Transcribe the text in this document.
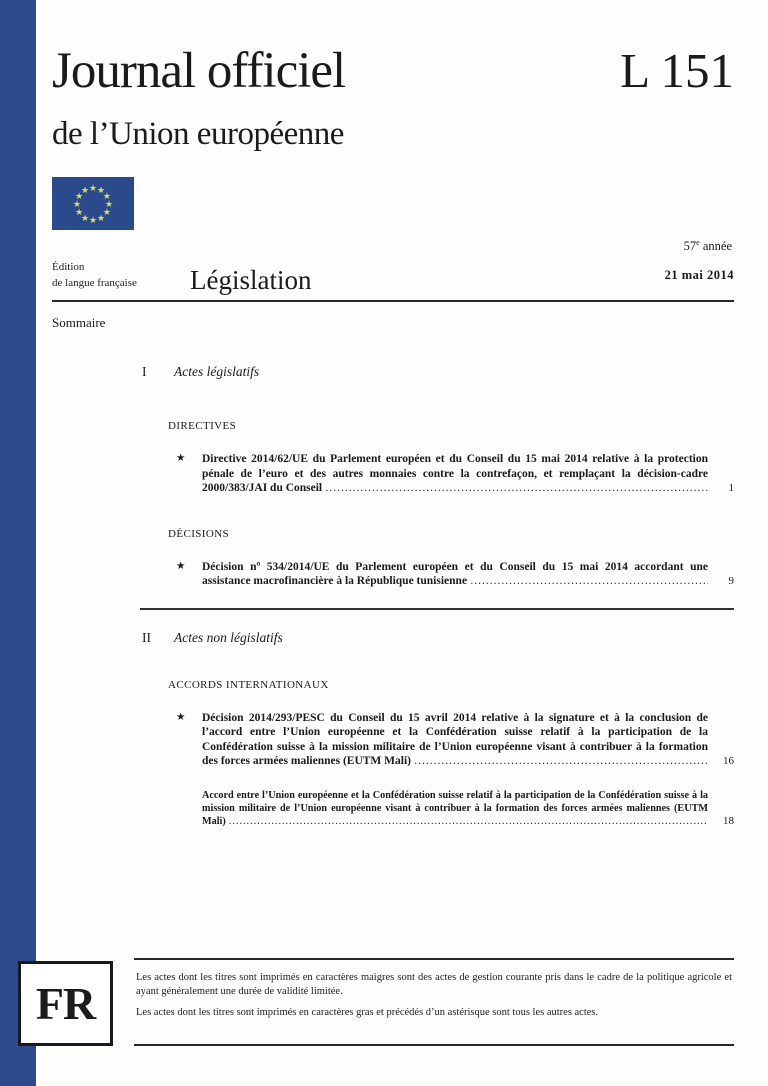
Journal officiel	L 151
de l’Union européenne
★ ★
★
★
★
★
★
★
★
★
★
★
Édition
de langue française Législation
57e année
21 mai 2014
Sommaire
I	Actes législatifs
DIRECTIVES
★	Directive 2014/62/UE du Parlement européen et du Conseil du 15 mai 2014 relative à la protection pénale de l’euro et des autres monnaies contre la contrefaçon, et remplaçant la décision-cadre 2000/383/JAI du Conseil .....	1
DÉCISIONS
★	Décision nº 534/2014/UE du Parlement européen et du Conseil du 15 mai 2014 accordant une assistance macrofinancière à la République tunisienne .....	9
II	Actes non législatifs
ACCORDS INTERNATIONAUX
★	Décision 2014/293/PESC du Conseil du 15 avril 2014 relative à la signature et à la conclusion de l’accord entre l’Union européenne et la Confédération suisse relatif à la participation de la Confédération suisse à la mission militaire de l’Union européenne visant à contribuer à la formation des forces armées maliennes (EUTM Mali) .....	16
Accord entre l’Union européenne et la Confédération suisse relatif à la participation de la Confédération suisse à la mission militaire de l’Union européenne visant à contribuer à la formation des forces armées maliennes (EUTM Mali) .....	18
FR
Les actes dont les titres sont imprimés en caractères maigres sont des actes de gestion courante pris dans le cadre de la politique agricole et ayant généralement une durée de validité limitée.
Les actes dont les titres sont imprimés en caractères gras et précédés d’un astérisque sont tous les autres actes.
